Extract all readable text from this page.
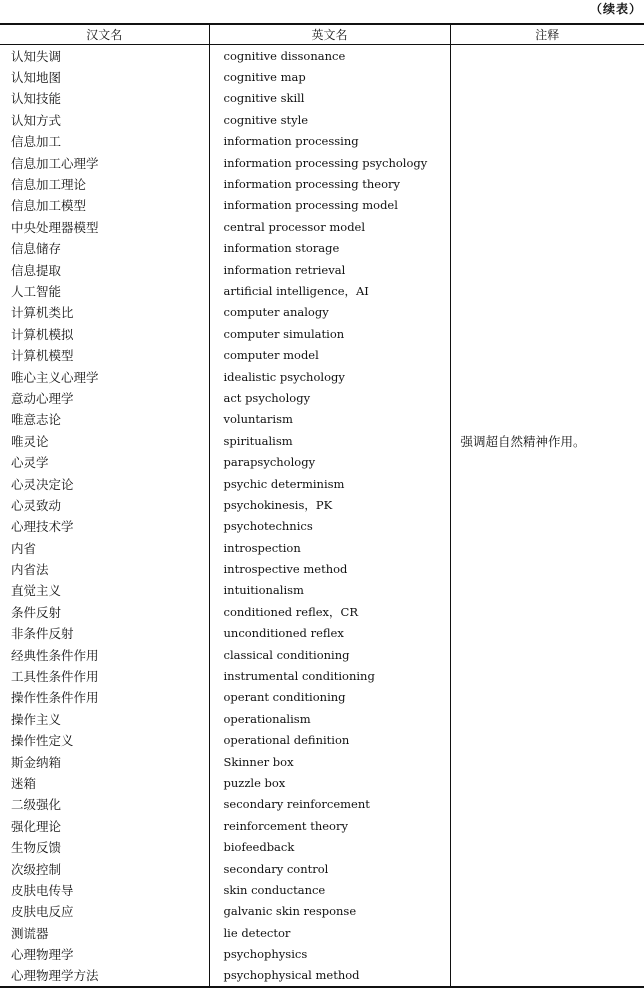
（续表）
汉文名	英文名	注释
认知失调	cognitive dissonance	
认知地图	cognitive map	
认知技能	cognitive skill	
认知方式	cognitive style	
信息加工	information processing	
信息加工心理学	information processing psychology	
信息加工理论	information processing theory	
信息加工模型	information processing model	
中央处理器模型	central processor model	
信息储存	information storage	
信息提取	information retrieval	
人工智能	artificial intelligence，AI	
计算机类比	computer analogy	
计算机模拟	computer simulation	
计算机模型	computer model	
唯心主义心理学	idealistic psychology	
意动心理学	act psychology	
唯意志论	voluntarism	
唯灵论	spiritualism	强调超自然精神作用。
心灵学	parapsychology	
心灵决定论	psychic determinism	
心灵致动	psychokinesis，PK	
心理技术学	psychotechnics	
内省	introspection	
内省法	introspective method	
直觉主义	intuitionalism	
条件反射	conditioned reflex，CR	
非条件反射	unconditioned reflex	
经典性条件作用	classical conditioning	
工具性条件作用	instrumental conditioning	
操作性条件作用	operant conditioning	
操作主义	operationalism	
操作性定义	operational definition	
斯金纳箱	Skinner box	
迷箱	puzzle box	
二级强化	secondary reinforcement	
强化理论	reinforcement theory	
生物反馈	biofeedback	
次级控制	secondary control	
皮肤电传导	skin conductance	
皮肤电反应	galvanic skin response	
测谎器	lie detector	
心理物理学	psychophysics	
心理物理学方法	psychophysical method	
